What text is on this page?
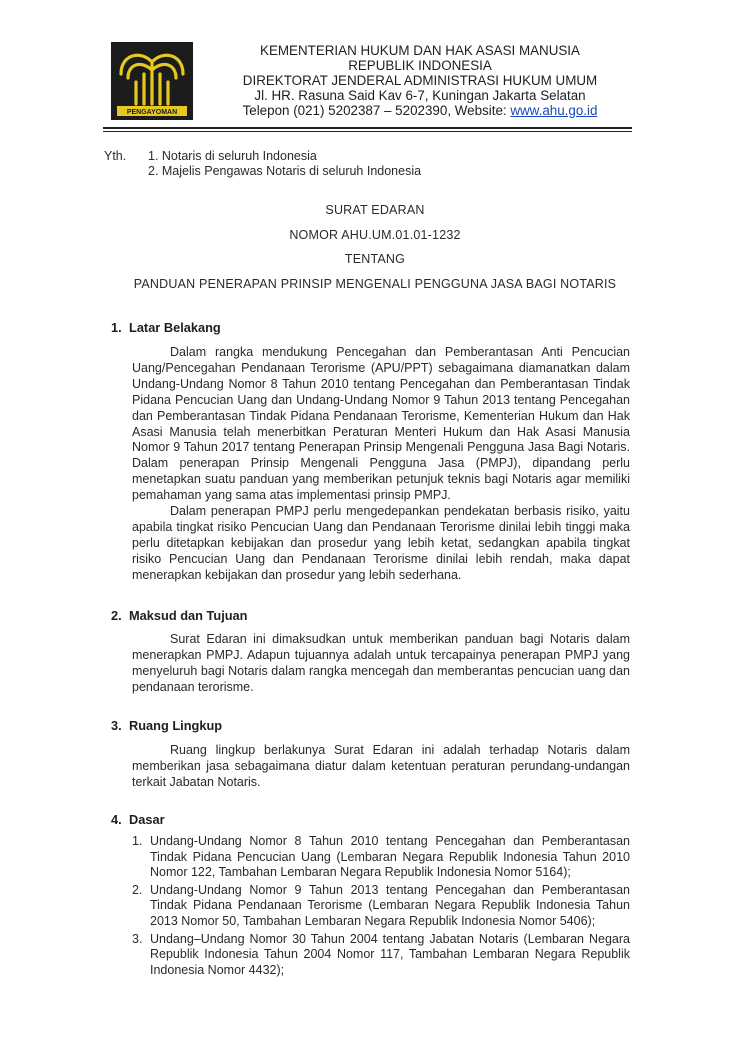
PENGAYOMAN
KEMENTERIAN HUKUM DAN HAK ASASI MANUSIA
REPUBLIK INDONESIA
DIREKTORAT JENDERAL ADMINISTRASI HUKUM UMUM
Jl. HR. Rasuna Said Kav 6-7, Kuningan Jakarta Selatan
Telepon (021) 5202387 – 5202390, Website: www.ahu.go.id
Yth. 1. Notaris di seluruh Indonesia
2. Majelis Pengawas Notaris di seluruh Indonesia
SURAT EDARAN
NOMOR AHU.UM.01.01-1232
TENTANG
PANDUAN PENERAPAN PRINSIP MENGENALI PENGGUNA JASA BAGI NOTARIS
1. Latar Belakang

Dalam rangka mendukung Pencegahan dan Pemberantasan Anti Pencucian Uang/Pencegahan Pendanaan Terorisme (APU/PPT) sebagaimana diamanatkan dalam Undang-Undang Nomor 8 Tahun 2010 tentang Pencegahan dan Pemberantasan Tindak Pidana Pencucian Uang dan Undang-Undang Nomor 9 Tahun 2013 tentang Pencegahan dan Pemberantasan Tindak Pidana Pendanaan Terorisme, Kementerian Hukum dan Hak Asasi Manusia telah menerbitkan Peraturan Menteri Hukum dan Hak Asasi Manusia Nomor 9 Tahun 2017 tentang Penerapan Prinsip Mengenali Pengguna Jasa Bagi Notaris. Dalam penerapan Prinsip Mengenali Pengguna Jasa (PMPJ), dipandang perlu menetapkan suatu panduan yang memberikan petunjuk teknis bagi Notaris agar memiliki pemahaman yang sama atas implementasi prinsip PMPJ.

Dalam penerapan PMPJ perlu mengedepankan pendekatan berbasis risiko, yaitu apabila tingkat risiko Pencucian Uang dan Pendanaan Terorisme dinilai lebih tinggi maka perlu ditetapkan kebijakan dan prosedur yang lebih ketat, sedangkan apabila tingkat risiko Pencucian Uang dan Pendanaan Terorisme dinilai lebih rendah, maka dapat menerapkan kebijakan dan prosedur yang lebih sederhana.

2. Maksud dan Tujuan

Surat Edaran ini dimaksudkan untuk memberikan panduan bagi Notaris dalam menerapkan PMPJ. Adapun tujuannya adalah untuk tercapainya penerapan PMPJ yang menyeluruh bagi Notaris dalam rangka mencegah dan memberantas pencucian uang dan pendanaan terorisme.

3. Ruang Lingkup

Ruang lingkup berlakunya Surat Edaran ini adalah terhadap Notaris dalam memberikan jasa sebagaimana diatur dalam ketentuan peraturan perundang-undangan terkait Jabatan Notaris.

4. Dasar
1. Undang-Undang Nomor 8 Tahun 2010 tentang Pencegahan dan Pemberantasan Tindak Pidana Pencucian Uang (Lembaran Negara Republik Indonesia Tahun 2010 Nomor 122, Tambahan Lembaran Negara Republik Indonesia Nomor 5164);
2. Undang-Undang Nomor 9 Tahun 2013 tentang Pencegahan dan Pemberantasan Tindak Pidana Pendanaan Terorisme (Lembaran Negara Republik Indonesia Tahun 2013 Nomor 50, Tambahan Lembaran Negara Republik Indonesia Nomor 5406);
3. Undang–Undang Nomor 30 Tahun 2004 tentang Jabatan Notaris (Lembaran Negara Republik Indonesia Tahun 2004 Nomor 117, Tambahan Lembaran Negara Republik Indonesia Nomor 4432);
